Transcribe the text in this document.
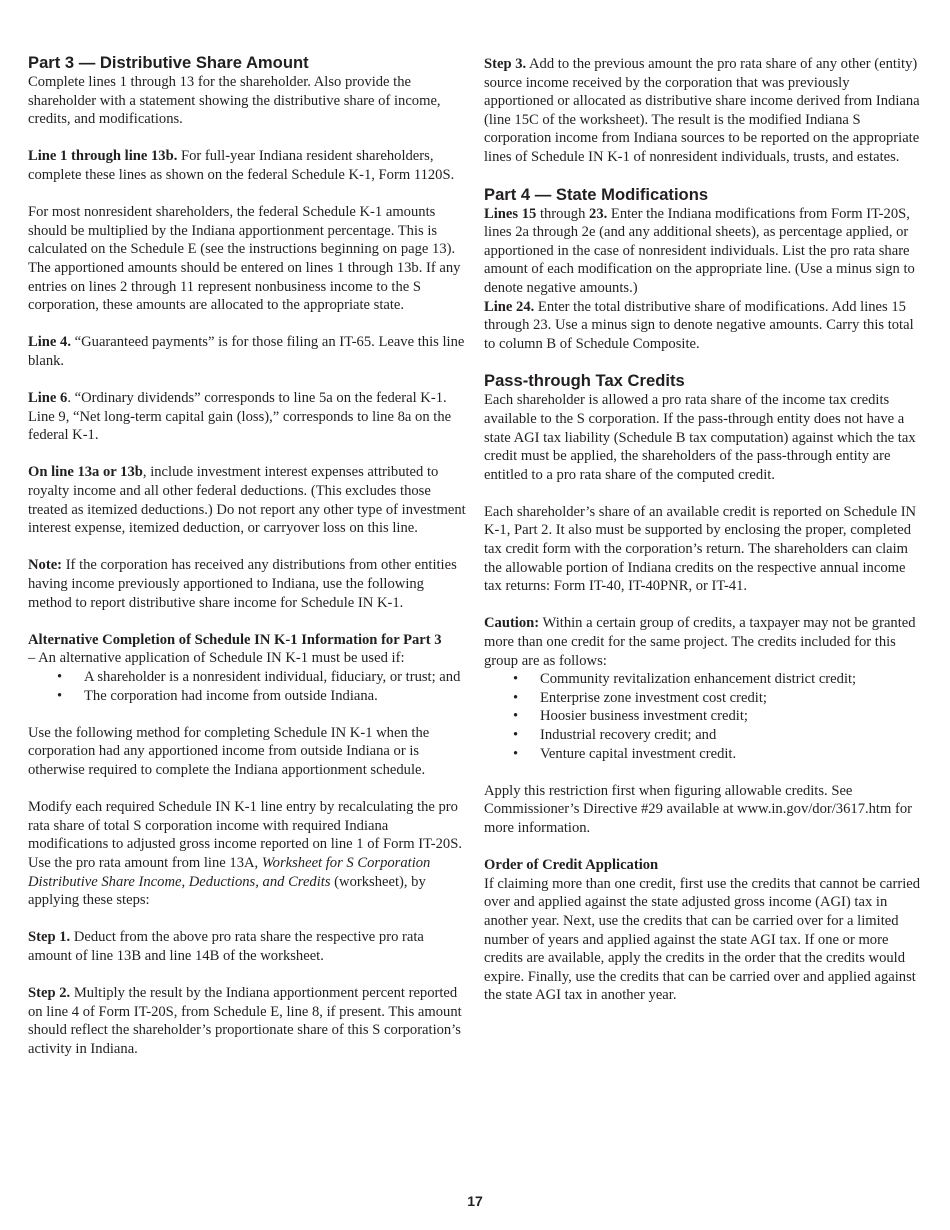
Part 3 — Distributive Share Amount

Complete lines 1 through 13 for the shareholder. Also provide the shareholder with a statement showing the distributive share of income, credits, and modifications.

Line 1 through line 13b. For full-year Indiana resident shareholders, complete these lines as shown on the federal Schedule K-1, Form 1120S.

For most nonresident shareholders, the federal Schedule K-1 amounts should be multiplied by the Indiana apportionment percentage. This is calculated on the Schedule E (see the instructions beginning on page 13). The apportioned amounts should be entered on lines 1 through 13b. If any entries on lines 2 through 11 represent nonbusiness income to the S corporation, these amounts are allocated to the appropriate state.

Line 4. “Guaranteed payments” is for those filing an IT-65. Leave this line blank.

Line 6. “Ordinary dividends” corresponds to line 5a on the federal K-1. Line 9, “Net long-term capital gain (loss),” corresponds to line 8a on the federal K-1.

On line 13a or 13b, include investment interest expenses attributed to royalty income and all other federal deductions. (This excludes those treated as itemized deductions.) Do not report any other type of investment interest expense, itemized deduction, or carryover loss on this line.

Note: If the corporation has received any distributions from other entities having income previously apportioned to Indiana, use the following method to report distributive share income for Schedule IN K-1.

Alternative Completion of Schedule IN K-1 Information for Part 3
– An alternative application of Schedule IN K-1 must be used if:

• A shareholder is a nonresident individual, fiduciary, or trust; and
• The corporation had income from outside Indiana.

Use the following method for completing Schedule IN K-1 when the corporation had any apportioned income from outside Indiana or is otherwise required to complete the Indiana apportionment schedule.

Modify each required Schedule IN K-1 line entry by recalculating the pro rata share of total S corporation income with required Indiana modifications to adjusted gross income reported on line 1 of Form IT-20S. Use the pro rata amount from line 13A, Worksheet for S Corporation Distributive Share Income, Deductions, and Credits (worksheet), by applying these steps:

Step 1. Deduct from the above pro rata share the respective pro rata amount of line 13B and line 14B of the worksheet.

Step 2. Multiply the result by the Indiana apportionment percent reported on line 4 of Form IT-20S, from Schedule E, line 8, if present. This amount should reflect the shareholder’s proportionate share of this S corporation’s activity in Indiana.

Step 3. Add to the previous amount the pro rata share of any other (entity) source income received by the corporation that was previously apportioned or allocated as distributive share income derived from Indiana (line 15C of the worksheet). The result is the modified Indiana S corporation income from Indiana sources to be reported on the appropriate lines of Schedule IN K-1 of nonresident individuals, trusts, and estates.

Part 4 — State Modifications

Lines 15 through 23. Enter the Indiana modifications from Form IT-20S, lines 2a through 2e (and any additional sheets), as percentage applied, or apportioned in the case of nonresident individuals. List the pro rata share amount of each modification on the appropriate line. (Use a minus sign to denote negative amounts.)

Line 24. Enter the total distributive share of modifications. Add lines 15 through 23. Use a minus sign to denote negative amounts. Carry this total to column B of Schedule Composite.

Pass-through Tax Credits

Each shareholder is allowed a pro rata share of the income tax credits available to the S corporation. If the pass-through entity does not have a state AGI tax liability (Schedule B tax computation) against which the tax credit must be applied, the shareholders of the pass-through entity are entitled to a pro rata share of the computed credit.

Each shareholder’s share of an available credit is reported on Schedule IN K-1, Part 2. It also must be supported by enclosing the proper, completed tax credit form with the corporation’s return. The shareholders can claim the allowable portion of Indiana credits on the respective annual income tax returns: Form IT-40, IT-40PNR, or IT-41.

Caution: Within a certain group of credits, a taxpayer may not be granted more than one credit for the same project. The credits included for this group are as follows:

• Community revitalization enhancement district credit;
• Enterprise zone investment cost credit;
• Hoosier business investment credit;
• Industrial recovery credit; and
• Venture capital investment credit.

Apply this restriction first when figuring allowable credits. See Commissioner’s Directive #29 available at www.in.gov/dor/3617.htm for more information.

Order of Credit Application

If claiming more than one credit, first use the credits that cannot be carried over and applied against the state adjusted gross income (AGI) tax in another year. Next, use the credits that can be carried over for a limited number of years and applied against the state AGI tax. If one or more credits are available, apply the credits in the order that the credits would expire. Finally, use the credits that can be carried over and applied against the state AGI tax in another year.

17
